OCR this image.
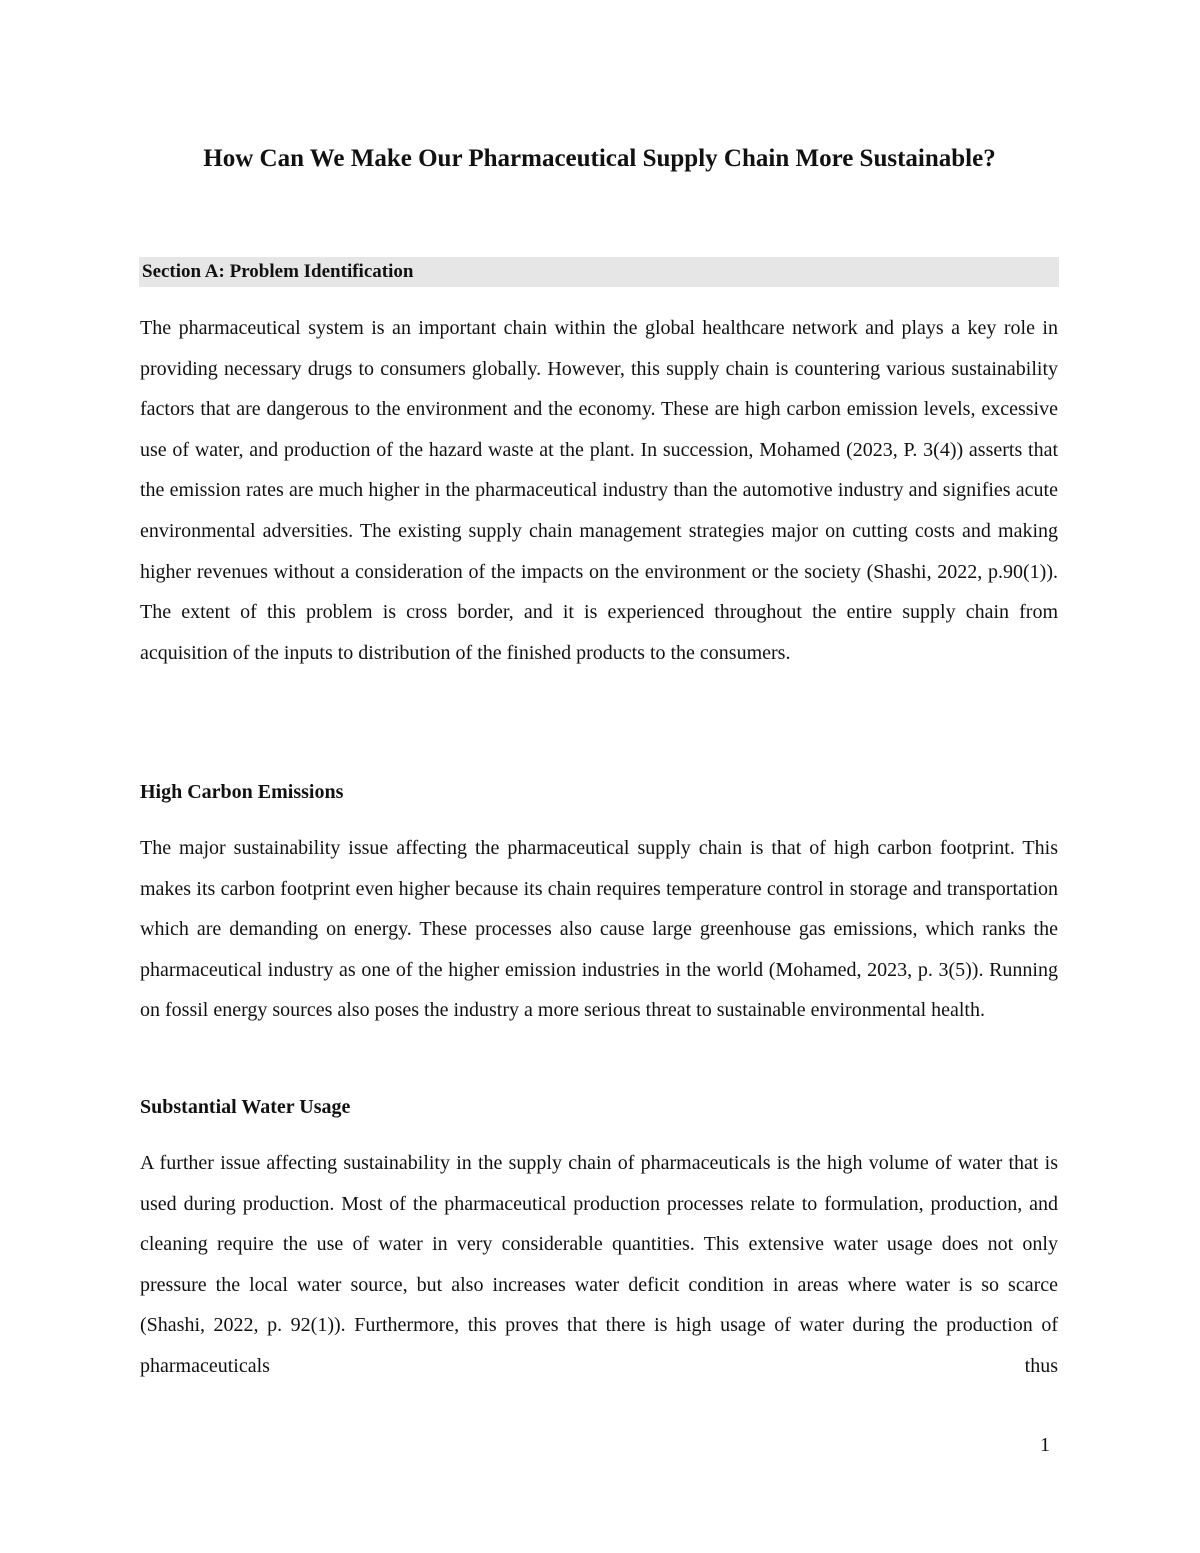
How Can We Make Our Pharmaceutical Supply Chain More Sustainable?
Section A: Problem Identification

The pharmaceutical system is an important chain within the global healthcare network and plays a key role in providing necessary drugs to consumers globally. However, this supply chain is countering various sustainability factors that are dangerous to the environment and the economy. These are high carbon emission levels, excessive use of water, and production of the hazard waste at the plant. In succession, Mohamed (2023, P. 3(4)) asserts that the emission rates are much higher in the pharmaceutical industry than the automotive industry and signifies acute environmental adversities. The existing supply chain management strategies major on cutting costs and making higher revenues without a consideration of the impacts on the environment or the society (Shashi, 2022, p.90(1)). The extent of this problem is cross border, and it is experienced throughout the entire supply chain from acquisition of the inputs to distribution of the finished products to the consumers.

High Carbon Emissions

The major sustainability issue affecting the pharmaceutical supply chain is that of high carbon footprint. This makes its carbon footprint even higher because its chain requires temperature control in storage and transportation which are demanding on energy. These processes also cause large greenhouse gas emissions, which ranks the pharmaceutical industry as one of the higher emission industries in the world (Mohamed, 2023, p. 3(5)). Running on fossil energy sources also poses the industry a more serious threat to sustainable environmental health.

Substantial Water Usage

A further issue affecting sustainability in the supply chain of pharmaceuticals is the high volume of water that is used during production. Most of the pharmaceutical production processes relate to formulation, production, and cleaning require the use of water in very considerable quantities. This extensive water usage does not only pressure the local water source, but also increases water deficit condition in areas where water is so scarce (Shashi, 2022, p. 92(1)). Furthermore, this proves that there is high usage of water during the production of pharmaceuticals thus

1
